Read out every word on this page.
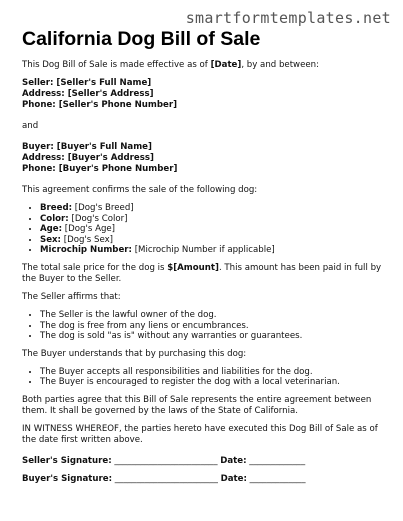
smartformtemplates.net
California Dog Bill of Sale

This Dog Bill of Sale is made effective as of [Date], by and between:

Seller: [Seller's Full Name]

Address: [Seller's Address]

Phone: [Seller's Phone Number]

and

Buyer: [Buyer's Full Name]

Address: [Buyer's Address]

Phone: [Buyer's Phone Number]

This agreement confirms the sale of the following dog:

• Breed: [Dog's Breed]
• Color: [Dog's Color]
• Age: [Dog's Age]
• Sex: [Dog's Sex]
• Microchip Number: [Microchip Number if applicable]

The total sale price for the dog is $[Amount]. This amount has been paid in full by the Buyer to the Seller.

The Seller affirms that:

• The Seller is the lawful owner of the dog.
• The dog is free from any liens or encumbrances.
• The dog is sold "as is" without any warranties or guarantees.

The Buyer understands that by purchasing this dog:

• The Buyer accepts all responsibilities and liabilities for the dog.
• The Buyer is encouraged to register the dog with a local veterinarian.

Both parties agree that this Bill of Sale represents the entire agreement between them. It shall be governed by the laws of the State of California.

IN WITNESS WHEREOF, the parties hereto have executed this Dog Bill of Sale as of the date first written above.

Seller's Signature: ________________________ Date: _____________

Buyer's Signature: ________________________ Date: _____________
